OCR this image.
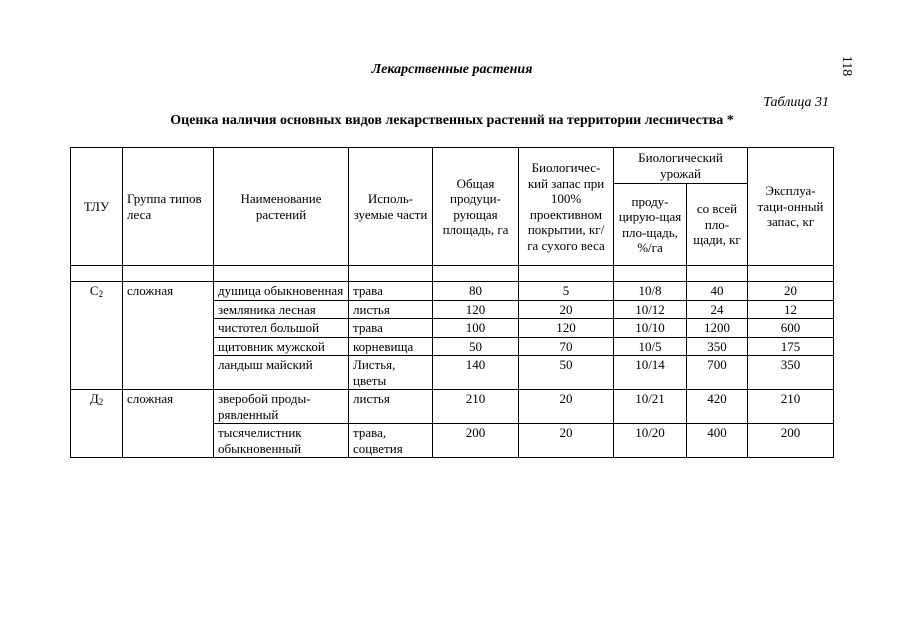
118
Лекарственные растения
Таблица 31
Оценка наличия основных видов лекарственных растений на территории лесничества *
ТЛУ	Группа типов леса	Наименование растений	Исполь-зуемые части	Общая продуци-рующая площадь, га	Биологичес-кий запас при 100% проективном покрытии, кг/га сухого веса	Биологический урожай		Эксплуа-таци-онный запас, кг
						проду-цирую-щая пло-щадь, %/га	со всей пло-щади, кг	

$С_2$	сложная	душица обыкновенная	трава	80	5	10/8	40	20
		земляника лесная	листья	120	20	10/12	24	12
		чистотел большой	трава	100	120	10/10	1200	600
		щитовник мужской	корневища	50	70	10/5	350	175
		ландыш майский	Листья, цветы	140	50	10/14	700	350
$Д_2$	сложная	зверобой проды-рявленный	листья	210	20	10/21	420	210
		тысячелистник обыкновенный	трава, соцветия	200	20	10/20	400	200
